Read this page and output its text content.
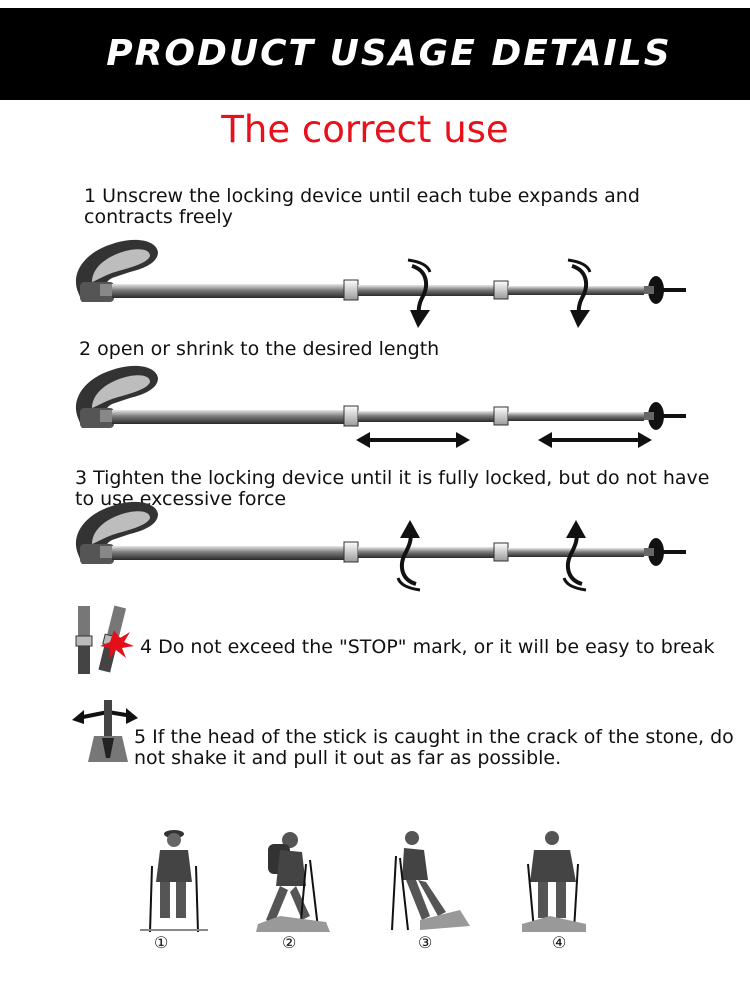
PRODUCT USAGE DETAILS
The correct use

1 Unscrew the locking device until each tube expands and contracts freely

2 open or shrink to the desired length

3 Tighten the locking device until it is fully locked, but do not have to use excessive force

4 Do not exceed the "STOP" mark, or it will be easy to break

5 If the head of the stick is caught in the crack of the stone, do not shake it and pull it out as far as possible.

①	②	③	④
